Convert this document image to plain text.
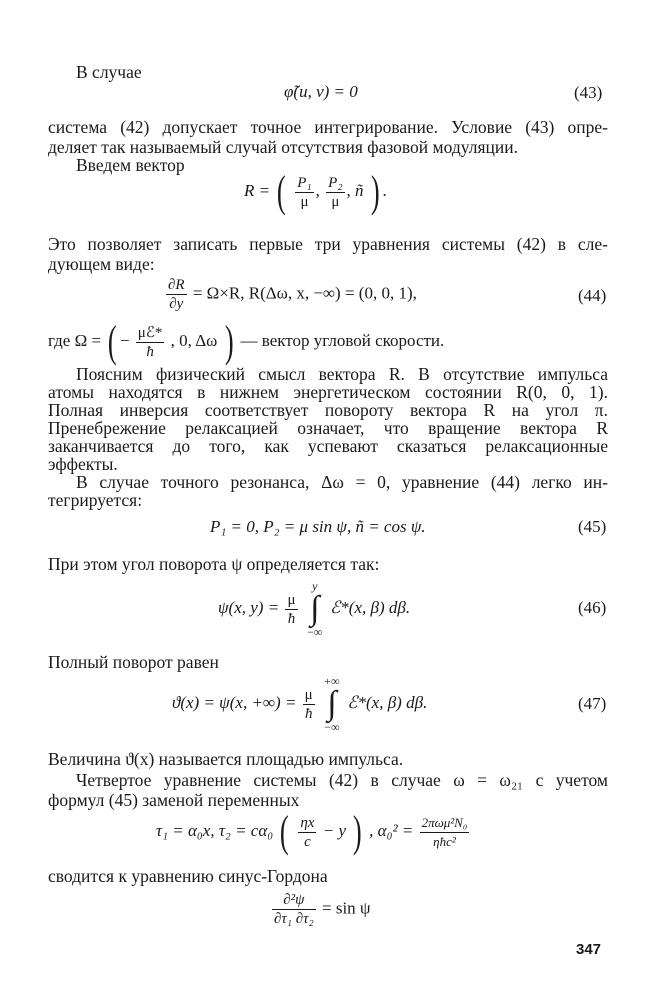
В случае
φ̃(u, v) = 0	(43)
система (42) допускает точное интегрирование. Условие (43) опре-
деляет так называемый случай отсутствия фазовой модуляции.
Введем вектор
R = ( $\frac{\text{P₁}}{\mu}$ , $\frac{\text{P₂}}{\mu}$ , ñ ) .
Это позволяет записать первые три уравнения системы (42) в сле-
дующем виде:
$\frac{\partial R}{\partial y} = \Omega\times R$, R(Δω, x, −∞) = (0, 0, 1),	(44)
где Ω = ( − $\frac{\text{μℰ*}}{ħ}$ , 0, Δω ) — вектор угловой скорости.
Поясним физический смысл вектора R. В отсутствие импульса
атомы находятся в нижнем энергетическом состоянии R(0, 0, 1).
Полная инверсия соответствует повороту вектора R на угол π.
Пренебрежение релаксацией означает, что вращение вектора R
заканчивается до того, как успевают сказаться релаксационные
эффекты.
В случае точного резонанса, Δω = 0, уравнение (44) легко ин-
тегрируется:
P₁ = 0, P₂ = μ sin ψ, ñ = cos ψ.	(45)
При этом угол поворота ψ определяется так:
ψ(x, $y) = \frac{\mu}{ħ}$

y
∫
−∞
ℰ*(x, β) dβ.	(46)
Полный поворот равен
ϑ(x) = ψ(x, +∞) = $\frac{\mu}{ħ}$

+∞
∫
−∞
ℰ*(x, β) dβ.	(47)
Величина ϑ(x) называется площадью импульса.
Четвертое уравнение системы (42) в случае ω = ω₂₁ с учетом
формул (45) заменой переменных
τ₁ = α₀x, τ₂ = cα₀ ( $\frac{\eta x}{c} - y$ ) , $\alpha_0^2 = \frac{\text{2πωμ²N₀}}{\text{ηħc²}}$
сводится к уравнению синус-Гордона
$\frac{\text{∂²ψ}}{\text{∂τ₁ ∂τ₂}} = \sin \psi$
347
